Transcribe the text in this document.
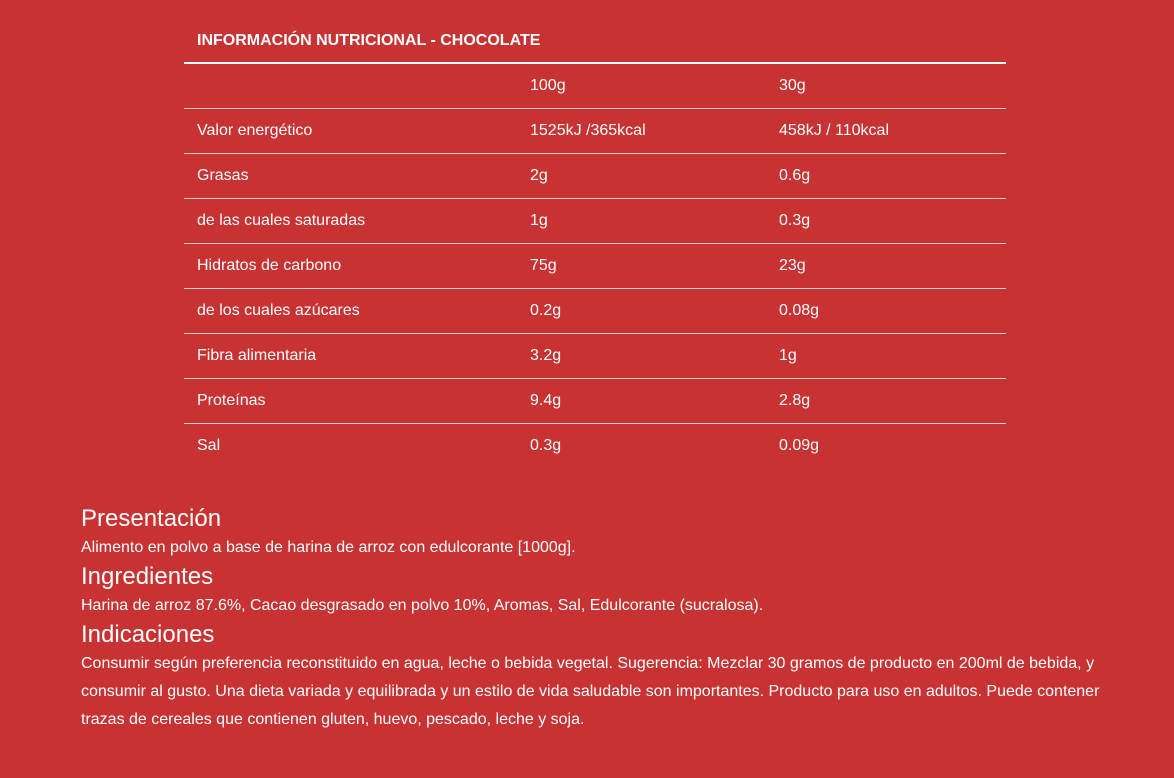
INFORMACIÓN NUTRICIONAL - CHOCOLATE
	100g	30g
Valor energético	1525kJ /365kcal	458kJ / 110kcal
Grasas	2g	0.6g
de las cuales saturadas	1g	0.3g
Hidratos de carbono	75g	23g
de los cuales azúcares	0.2g	0.08g
Fibra alimentaria	3.2g	1g
Proteínas	9.4g	2.8g
Sal	0.3g	0.09g
Presentación

Alimento en polvo a base de harina de arroz con edulcorante [1000g].

Ingredientes

Harina de arroz 87.6%, Cacao desgrasado en polvo 10%, Aromas, Sal, Edulcorante (sucralosa).

Indicaciones

Consumir según preferencia reconstituido en agua, leche o bebida vegetal. Sugerencia: Mezclar 30 gramos de producto en 200ml de bebida, y consumir al gusto. Una dieta variada y equilibrada y un estilo de vida saludable son importantes. Producto para uso en adultos. Puede contener trazas de cereales que contienen gluten, huevo, pescado, leche y soja.
